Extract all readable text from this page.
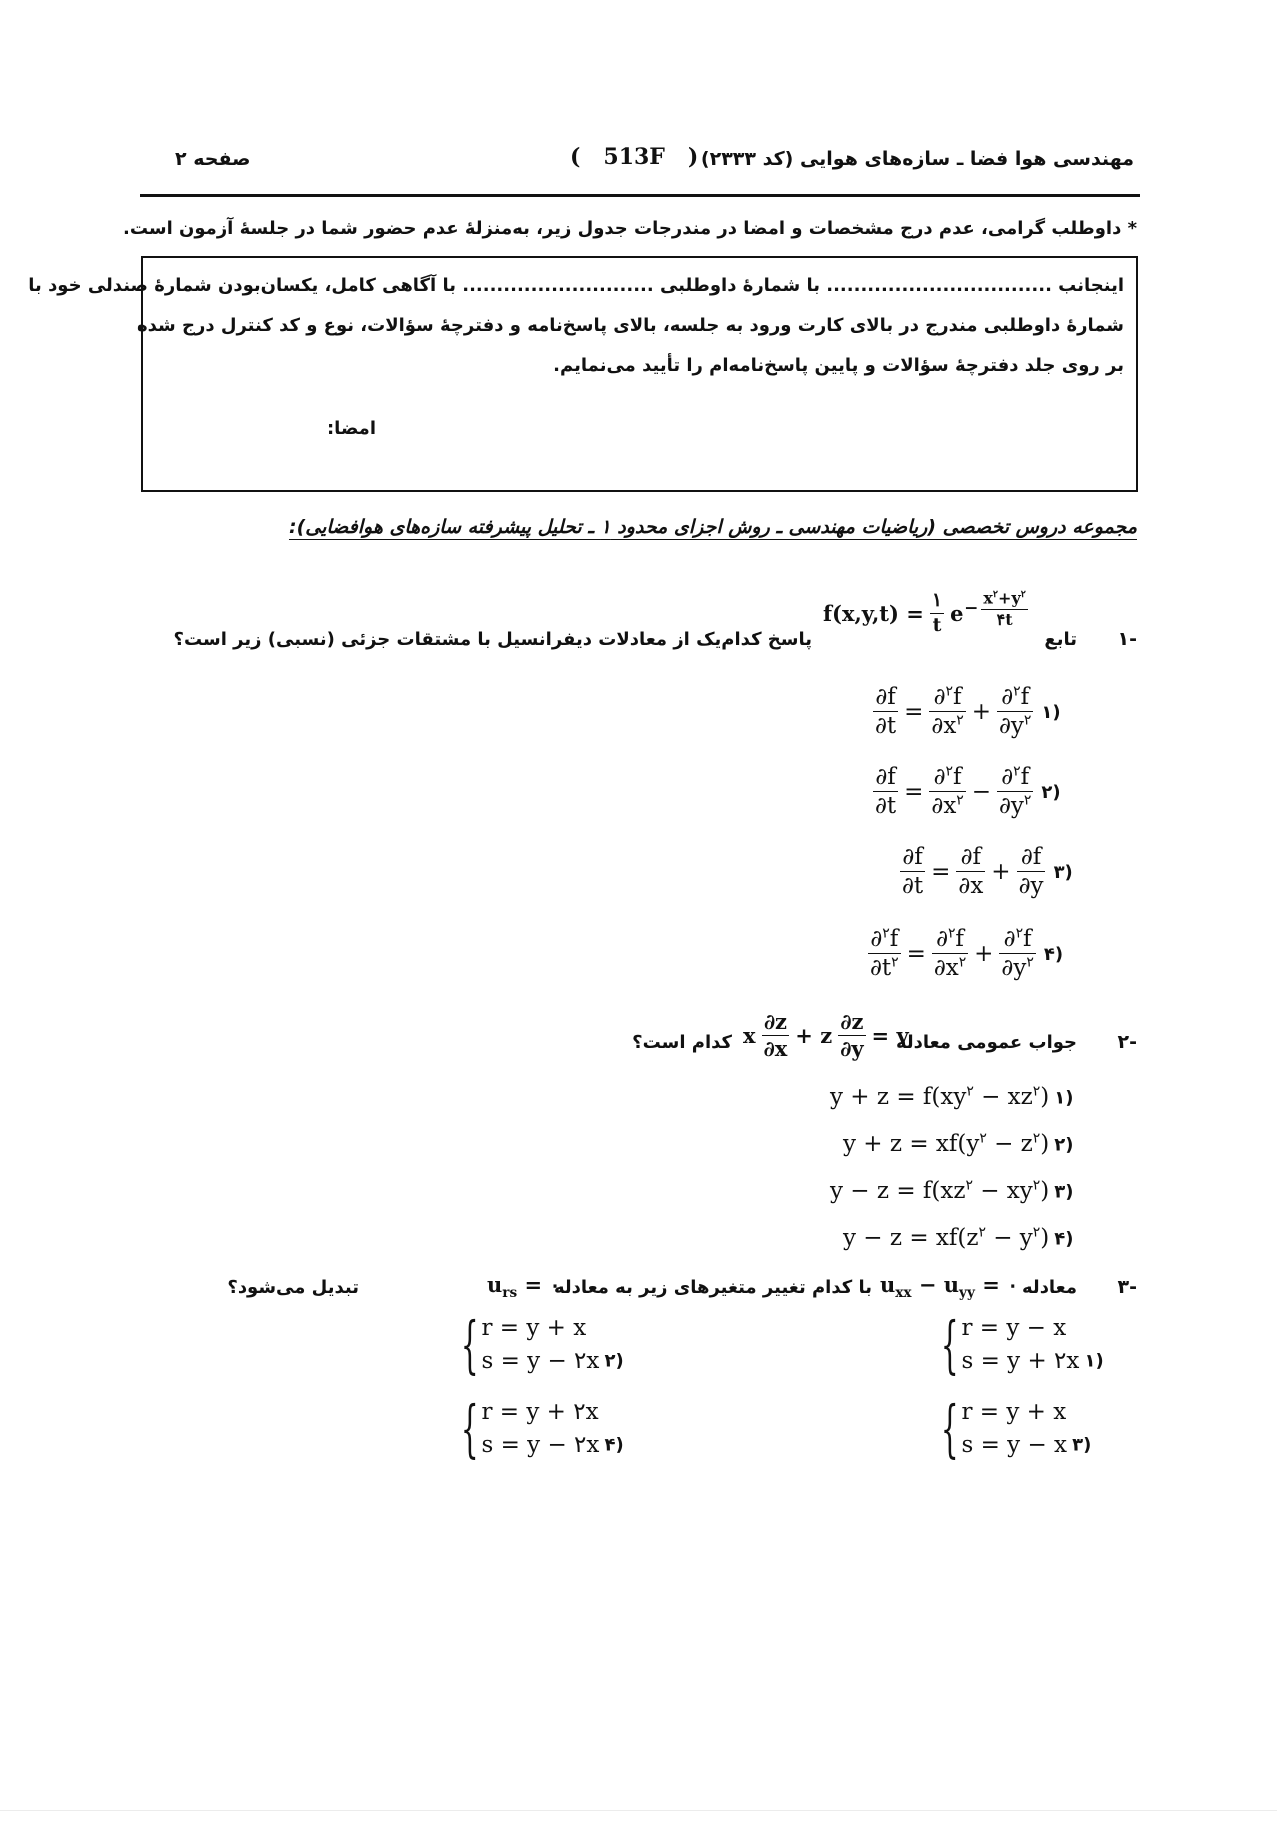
مهندسی هوا فضا ـ سازه‌های هوایی (کد ۲۳۳۳)
(   513F   )
صفحه ۲
* داوطلب گرامی، عدم درج مشخصات و امضا در مندرجات جدول زیر، به‌منزلهٔ عدم حضور شما در جلسهٔ آزمون است.
اینجانب ................................. با شمارهٔ داوطلبی ............................ با آگاهی کامل، یکسان‌بودن شمارهٔ صندلی خود با
شمارهٔ داوطلبی مندرج در بالای کارت ورود به جلسه، بالای پاسخ‌نامه و دفترچهٔ سؤالات، نوع و کد کنترل درج شده
بر روی جلد دفترچهٔ سؤالات و پایین پاسخ‌نامه‌ام را تأیید می‌نمایم.
امضا:
مجموعه دروس تخصصی (ریاضیات مهندسی ـ روش اجزای محدود ۱ ـ تحلیل پیشرفته سازه‌های هوافضایی):
-۱
تابع
$f(x,y,t) = \frac{۱}{t}$ $e - \frac{x^۲+y^۲}{۴t}$
پاسخ کدام‌یک از معادلات دیفرانسیل با مشتقات جزئی (نسبی) زیر است؟
$\frac{\partial f}{\partial t} = \frac{\partial^۲f}{\partial x^۲} + \frac{\partial^۲f}{\partial y^۲}$ ۱)
$\frac{\partial f}{\partial t} = \frac{\partial^۲f}{\partial x^۲} - \frac{\partial^۲f}{\partial y^۲}$ ۲)
$\frac{\partial f}{\partial t} = \frac{\partial f}{\partial x} + \frac{\partial f}{\partial y}$ ۳)
$\frac{\partial^۲f}{\partial t^۲} = \frac{\partial^۲f}{\partial x^۲} + \frac{\partial^۲f}{\partial y^۲}$ ۴)
-۲
جواب عمومی معادله
x $\frac{\partial z}{\partial x} + z \frac{\partial z}{\partial y} = y$
کدام است؟
$y + z = f(xy^۲ - xz^۲)$ ۱)
$y + z = xf(y^۲ - z^۲)$ ۲)
$y - z = f(xz^۲ - xy^۲)$ ۳)
$y - z = xf(z^۲ - y^۲)$ ۴)
-۳
معادله
$u_{xx} - u_{yy}$ = ۰
با کدام تغییر متغیرهای زیر به معادله
$u_{rs}$ = ۰
تبدیل می‌شود؟
{ r = y − x
s = y + ۲x ۱)
{ r = y + x
s = y − ۲x ۲)
{ r = y + x
s = y − x ۳)
{ r = y + ۲x
s = y − ۲x ۴)
